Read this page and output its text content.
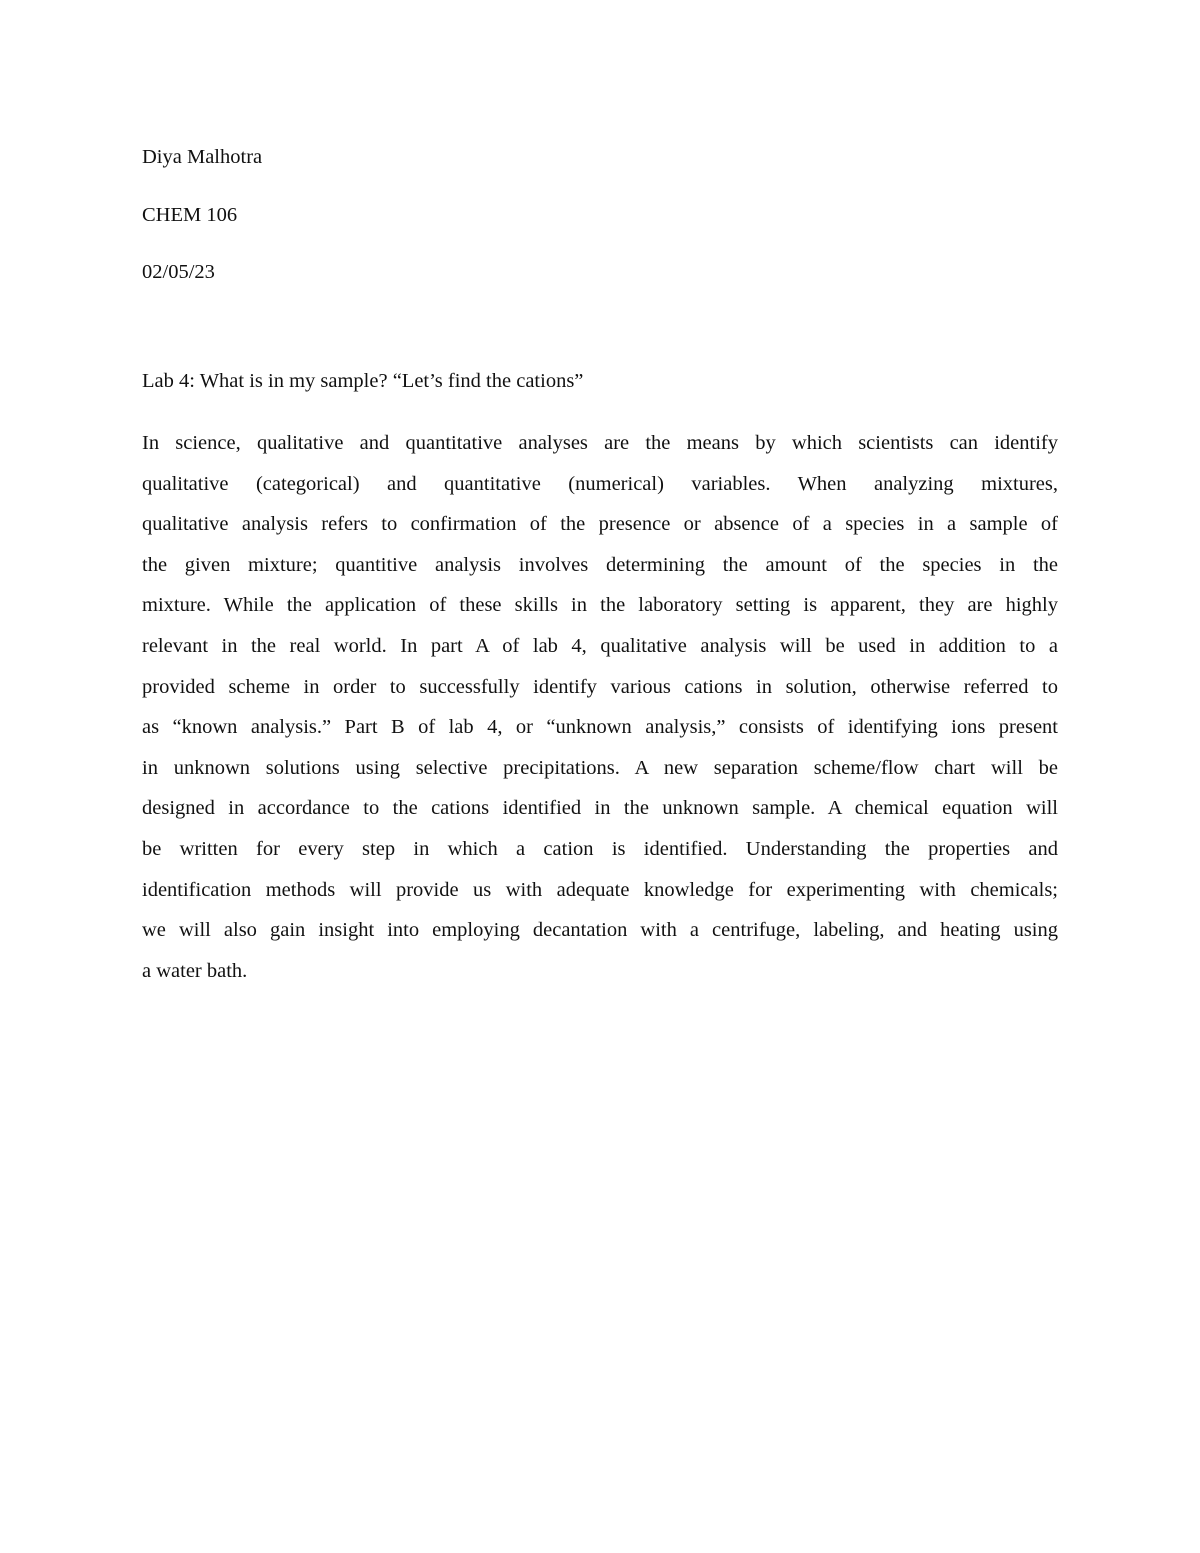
Diya Malhotra
CHEM 106
02/05/23
Lab 4: What is in my sample? “Let’s find the cations”
In science, qualitative and quantitative analyses are the means by which scientists can identify
qualitative (categorical) and quantitative (numerical) variables. When analyzing mixtures,
qualitative analysis refers to confirmation of the presence or absence of a species in a sample of
the given mixture; quantitive analysis involves determining the amount of the species in the
mixture. While the application of these skills in the laboratory setting is apparent, they are highly
relevant in the real world. In part A of lab 4, qualitative analysis will be used in addition to a
provided scheme in order to successfully identify various cations in solution, otherwise referred to
as “known analysis.” Part B of lab 4, or “unknown analysis,” consists of identifying ions present
in unknown solutions using selective precipitations. A new separation scheme/flow chart will be
designed in accordance to the cations identified in the unknown sample. A chemical equation will
be written for every step in which a cation is identified. Understanding the properties and
identification methods will provide us with adequate knowledge for experimenting with chemicals;
we will also gain insight into employing decantation with a centrifuge, labeling, and heating using
a water bath.
